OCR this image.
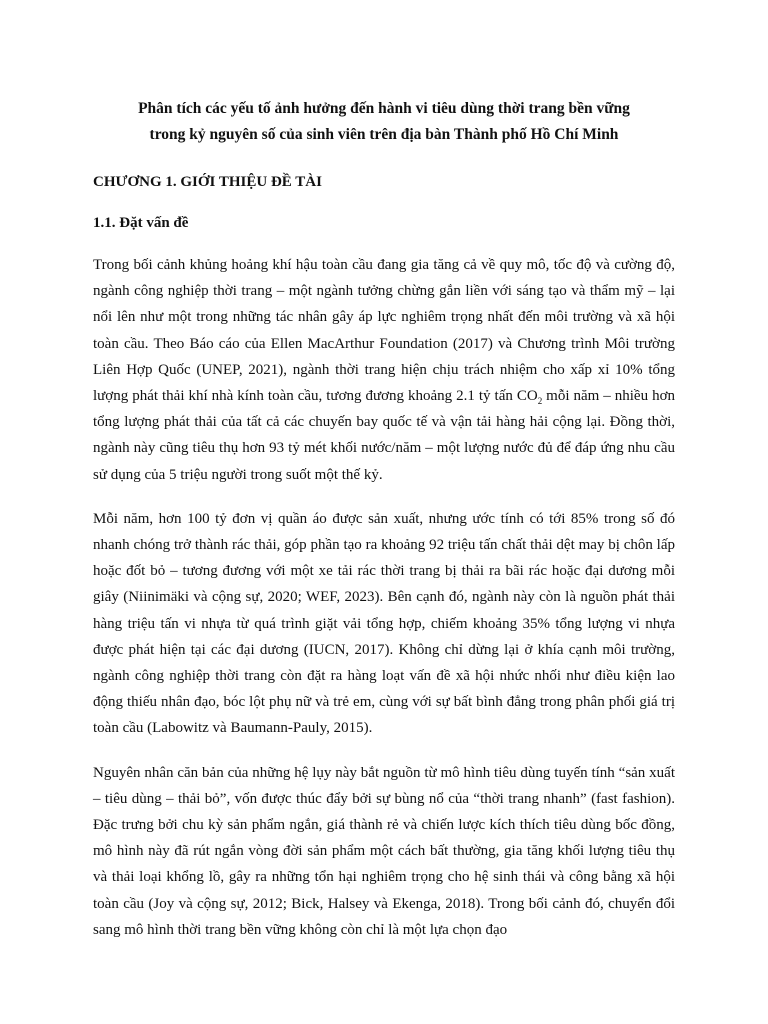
Phân tích các yếu tố ảnh hưởng đến hành vi tiêu dùng thời trang bền vững trong kỷ nguyên số của sinh viên trên địa bàn Thành phố Hồ Chí Minh
CHƯƠNG 1. GIỚI THIỆU ĐỀ TÀI
1.1. Đặt vấn đề

Trong bối cảnh khủng hoảng khí hậu toàn cầu đang gia tăng cả về quy mô, tốc độ và cường độ, ngành công nghiệp thời trang – một ngành tưởng chừng gắn liền với sáng tạo và thẩm mỹ – lại nổi lên như một trong những tác nhân gây áp lực nghiêm trọng nhất đến môi trường và xã hội toàn cầu. Theo Báo cáo của Ellen MacArthur Foundation (2017) và Chương trình Môi trường Liên Hợp Quốc (UNEP, 2021), ngành thời trang hiện chịu trách nhiệm cho xấp xỉ 10% tổng lượng phát thải khí nhà kính toàn cầu, tương đương khoảng 2.1 tỷ tấn $CO_2$ mỗi năm – nhiều hơn tổng lượng phát thải của tất cả các chuyến bay quốc tế và vận tải hàng hải cộng lại. Đồng thời, ngành này cũng tiêu thụ hơn 93 tỷ mét khối nước/năm – một lượng nước đủ để đáp ứng nhu cầu sử dụng của 5 triệu người trong suốt một thế kỷ.

Mỗi năm, hơn 100 tỷ đơn vị quần áo được sản xuất, nhưng ước tính có tới 85% trong số đó nhanh chóng trở thành rác thải, góp phần tạo ra khoảng 92 triệu tấn chất thải dệt may bị chôn lấp hoặc đốt bỏ – tương đương với một xe tải rác thời trang bị thải ra bãi rác hoặc đại dương mỗi giây (Niinimäki và cộng sự, 2020; WEF, 2023). Bên cạnh đó, ngành này còn là nguồn phát thải hàng triệu tấn vi nhựa từ quá trình giặt vải tổng hợp, chiếm khoảng 35% tổng lượng vi nhựa được phát hiện tại các đại dương (IUCN, 2017). Không chỉ dừng lại ở khía cạnh môi trường, ngành công nghiệp thời trang còn đặt ra hàng loạt vấn đề xã hội nhức nhối như điều kiện lao động thiếu nhân đạo, bóc lột phụ nữ và trẻ em, cùng với sự bất bình đẳng trong phân phối giá trị toàn cầu (Labowitz và Baumann-Pauly, 2015).

Nguyên nhân căn bản của những hệ lụy này bắt nguồn từ mô hình tiêu dùng tuyến tính “sản xuất – tiêu dùng – thải bỏ”, vốn được thúc đẩy bởi sự bùng nổ của “thời trang nhanh” (fast fashion). Đặc trưng bởi chu kỳ sản phẩm ngắn, giá thành rẻ và chiến lược kích thích tiêu dùng bốc đồng, mô hình này đã rút ngắn vòng đời sản phẩm một cách bất thường, gia tăng khối lượng tiêu thụ và thải loại khổng lồ, gây ra những tổn hại nghiêm trọng cho hệ sinh thái và công bằng xã hội toàn cầu (Joy và cộng sự, 2012; Bick, Halsey và Ekenga, 2018). Trong bối cảnh đó, chuyển đổi sang mô hình thời trang bền vững không còn chỉ là một lựa chọn đạo
